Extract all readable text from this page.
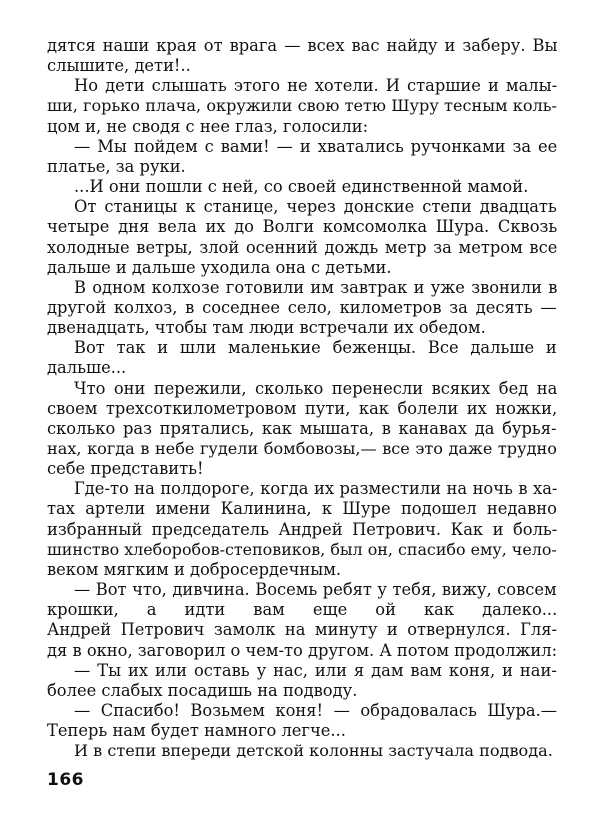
дятся наши края от врага — всех вас найду и заберу. Вы
слышите, дети!..
Но дети слышать этого не хотели. И старшие и малы-
ши, горько плача, окружили свою тетю Шуру тесным коль-
цом и, не сводя с нее глаз, голосили:
— Мы пойдем с вами! — и хватались ручонками за ее
платье, за руки.
...И они пошли с ней, со своей единственной мамой.
От станицы к станице, через донские степи двадцать
четыре дня вела их до Волги комсомолка Шура. Сквозь
холодные ветры, злой осенний дождь метр за метром все
дальше и дальше уходила она с детьми.
В одном колхозе готовили им завтрак и уже звонили в
другой колхоз, в соседнее село, километров за десять —
двенадцать, чтобы там люди встречали их обедом.
Вот так и шли маленькие беженцы. Все дальше и
дальше...
Что они пережили, сколько перенесли всяких бед на
своем трехсоткилометровом пути, как болели их ножки,
сколько раз прятались, как мышата, в канавах да бурья-
нах, когда в небе гудели бомбовозы,— все это даже трудно
себе представить!
Где-то на полдороге, когда их разместили на ночь в ха-
тах артели имени Калинина, к Шуре подошел недавно
избранный председатель Андрей Петрович. Как и боль-
шинство хлеборобов-степовиков, был он, спасибо ему, чело-
веком мягким и добросердечным.
— Вот что, дивчина. Восемь ребят у тебя, вижу, совсем
крошки, а идти вам еще ой как далеко...
Андрей Петрович замолк на минуту и отвернулся. Гля-
дя в окно, заговорил о чем-то другом. А потом продолжил:
— Ты их или оставь у нас, или я дам вам коня, и наи-
более слабых посадишь на подводу.
— Спасибо! Возьмем коня! — обрадовалась Шура.—
Теперь нам будет намного легче...
И в степи впереди детской колонны застучала подвода.
166
